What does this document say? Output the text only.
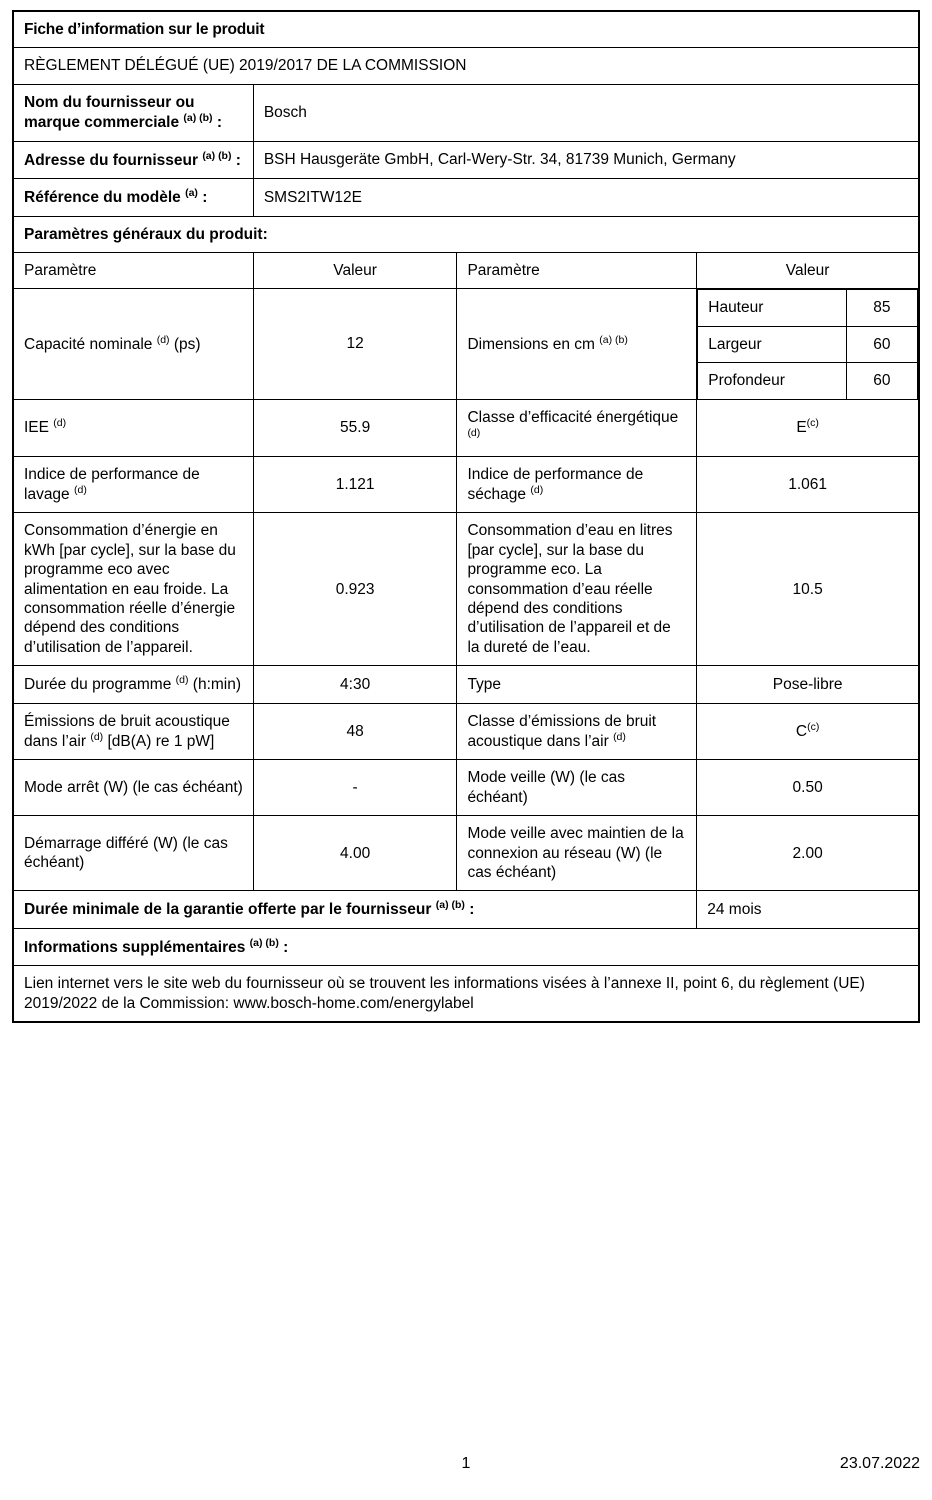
Fiche d’information sur le produit
RÈGLEMENT DÉLÉGUÉ (UE) 2019/2017 DE LA COMMISSION
Nom du fournisseur ou marque commerciale $^{(a) (b)}$ :	Bosch
Adresse du fournisseur $^{(a) (b)}$ :	BSH Hausgeräte GmbH, Carl-Wery-Str. 34, 81739 Munich, Germany
Référence du modèle $^{(a)}$ :	SMS2ITW12E
Paramètres généraux du produit:
Paramètre	Valeur	Paramètre	Valeur
Capacité nominale $^{(d)}$ (ps)	12	Dimensions en cm $^{(a) (b)}$	
Hauteur	85
Largeur	60
Profondeur	60

IEE $^{(d)}$	55.9	Classe d’efficacité énergétique $^{(d)}$	$E^{(c)}$
Indice de performance de lavage $^{(d)}$	1.121	Indice de performance de séchage $^{(d)}$	1.061
Consommation d’énergie en kWh [par cycle], sur la base du programme eco avec alimentation en eau froide. La consommation réelle d’énergie dépend des conditions d’utilisation de l’appareil.	0.923	Consommation d’eau en litres [par cycle], sur la base du programme eco. La consommation d’eau réelle dépend des conditions d’utilisation de l’appareil et de la dureté de l’eau.	10.5
Durée du programme $^{(d)}$ (h:min)	4:30	Type	Pose-libre
Émissions de bruit acoustique dans l’air $^{(d)}$ [dB(A) re 1 pW]	48	Classe d’émissions de bruit acoustique dans l’air $^{(d)}$	$C^{(c)}$
Mode arrêt (W) (le cas échéant)	-	Mode veille (W) (le cas échéant)	0.50
Démarrage différé (W) (le cas échéant)	4.00	Mode veille avec maintien de la connexion au réseau (W) (le cas échéant)	2.00
Durée minimale de la garantie offerte par le fournisseur $^{(a) (b)}$ :	24 mois
Informations supplémentaires $^{(a) (b)}$ :
Lien internet vers le site web du fournisseur où se trouvent les informations visées à l’annexe II, point 6, du règlement (UE) 2019/2022 de la Commission: www.bosch-home.com/energylabel
1	23.07.2022
